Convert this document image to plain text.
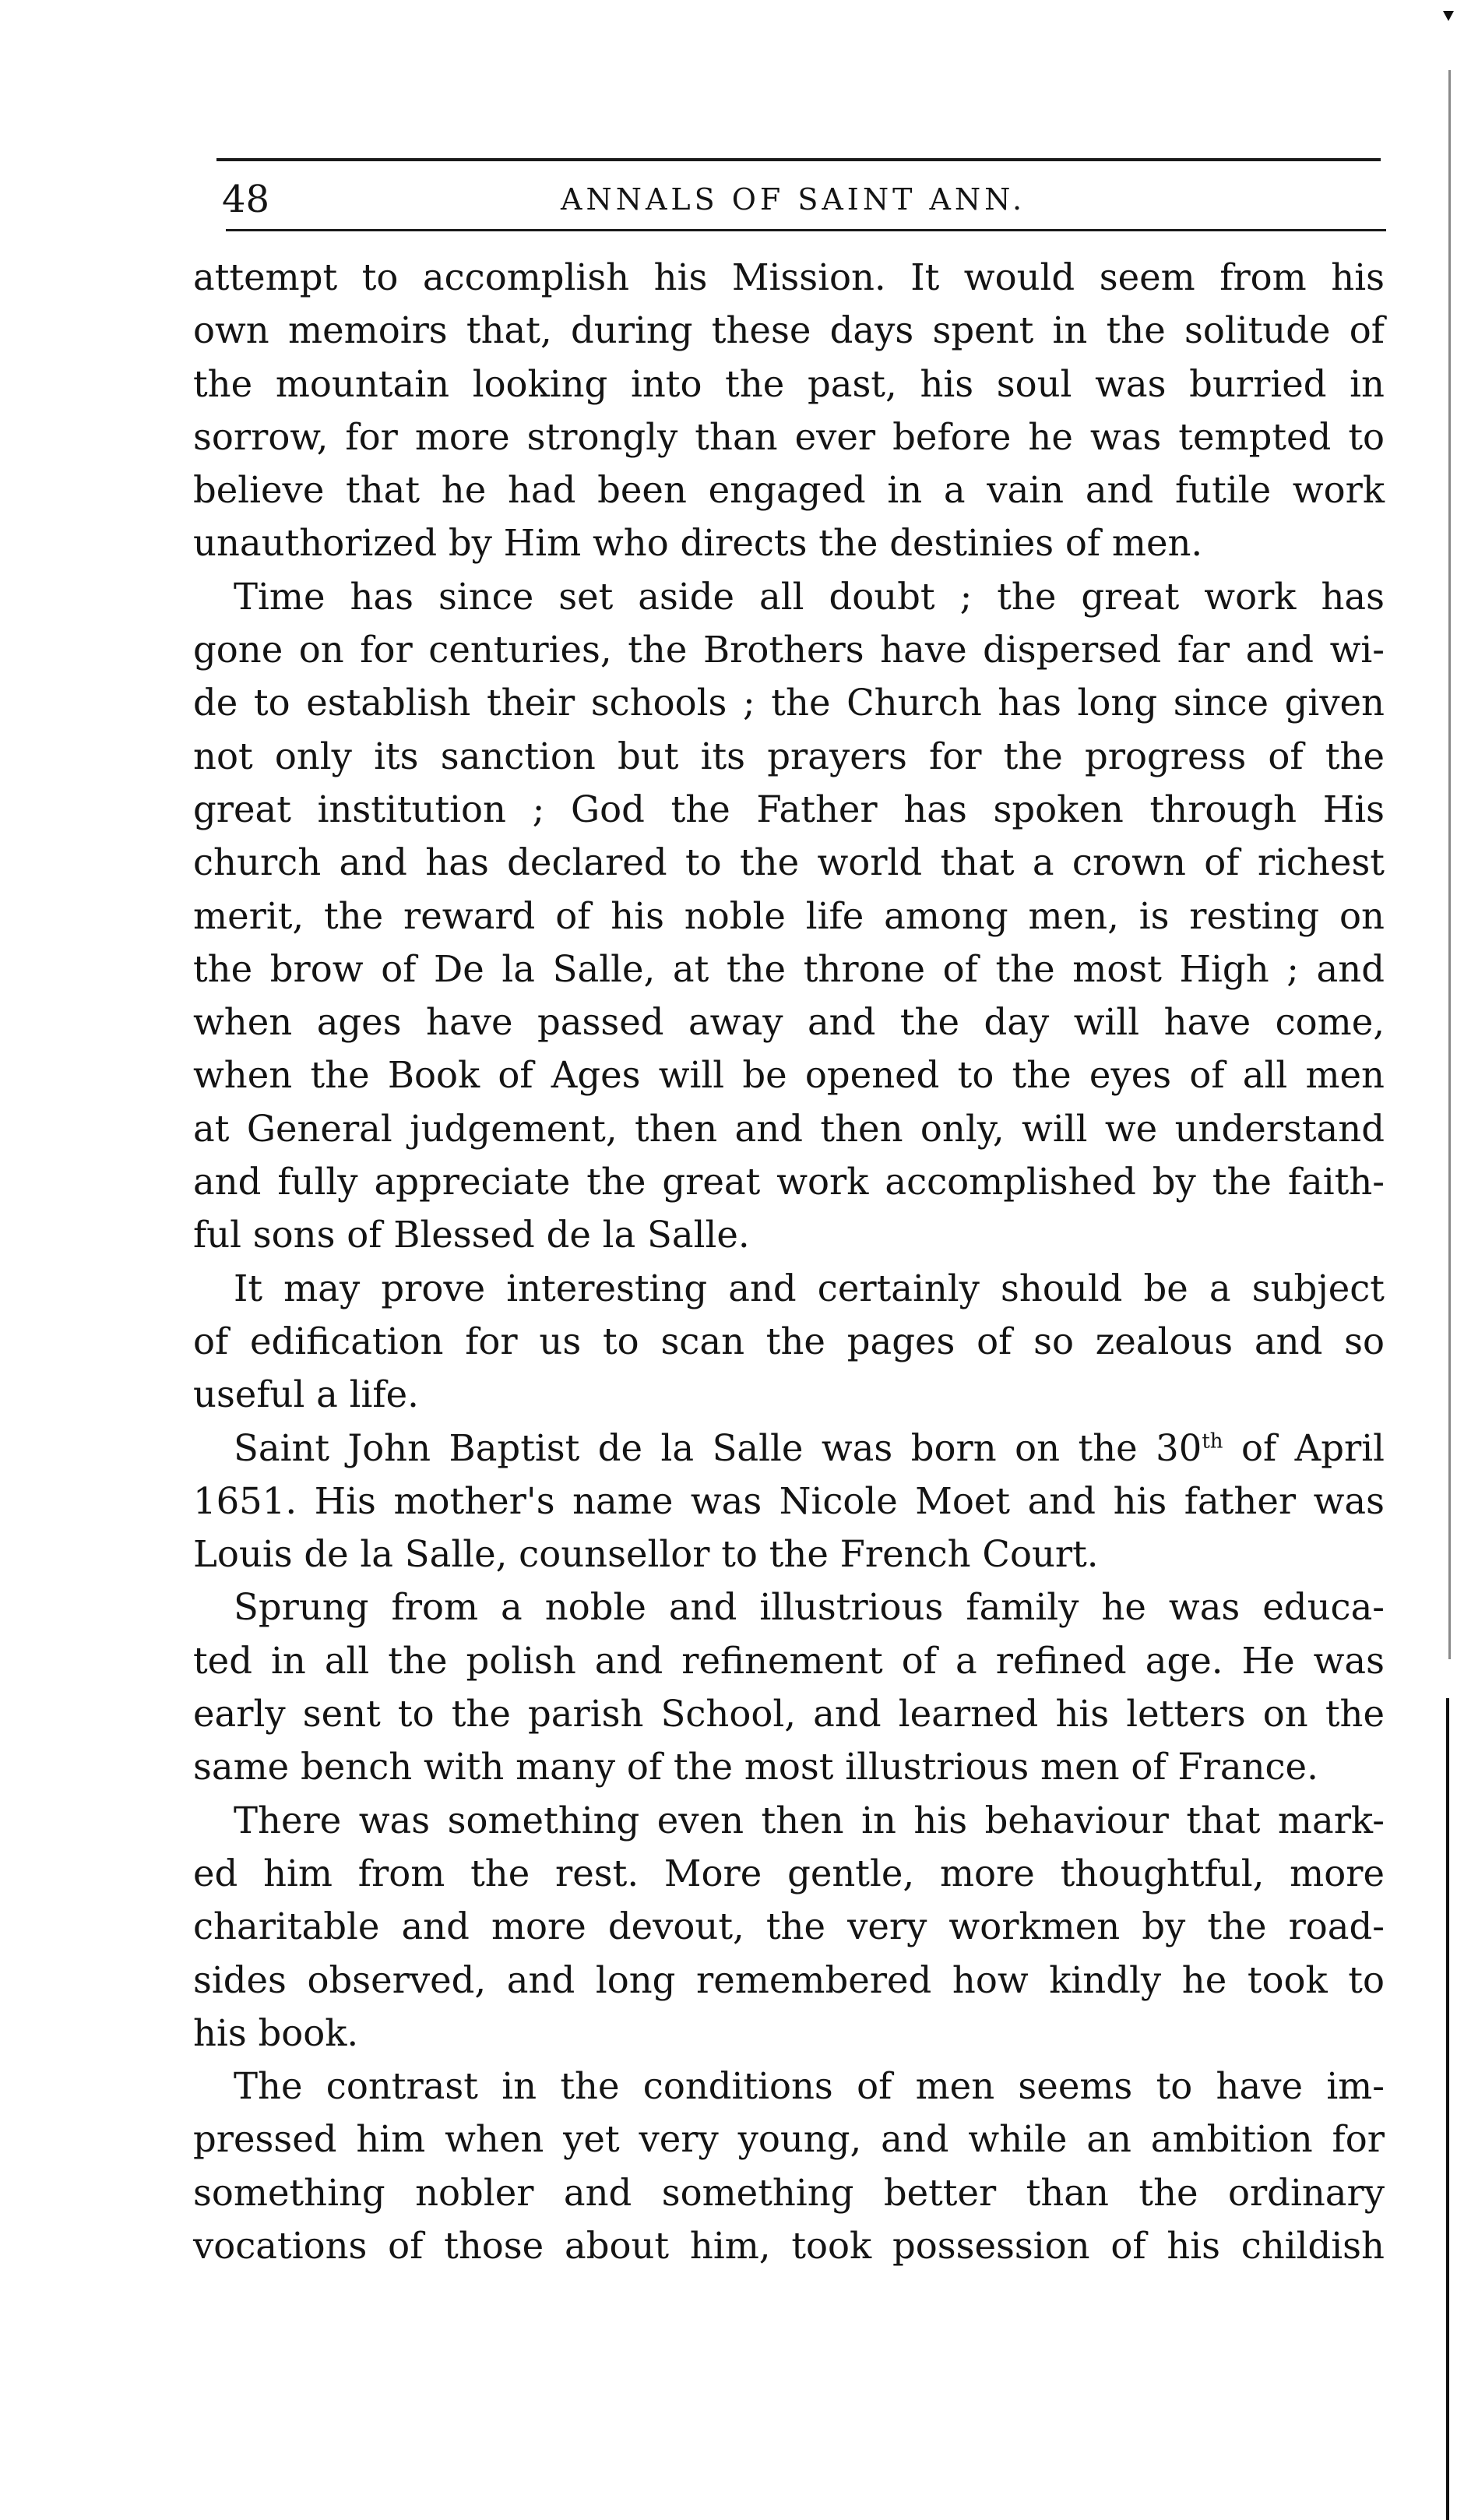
48	ANNALS OF SAINT ANN.
attempt to accomplish his Mission. It would seem from his
own memoirs that, during these days spent in the solitude of
the mountain looking into the past, his soul was burried in
sorrow, for more strongly than ever before he was tempted to
believe that he had been engaged in a vain and futile work
unauthorized by Him who directs the destinies of men.
Time has since set aside all doubt ; the great work has
gone on for centuries, the Brothers have dispersed far and wi-
de to establish their schools ; the Church has long since given
not only its sanction but its prayers for the progress of the
great institution ; God the Father has spoken through His
church and has declared to the world that a crown of richest
merit, the reward of his noble life among men, is resting on
the brow of De la Salle, at the throne of the most High ; and
when ages have passed away and the day will have come,
when the Book of Ages will be opened to the eyes of all men
at General judgement, then and then only, will we understand
and fully appreciate the great work accomplished by the faith-
ful sons of Blessed de la Salle.
It may prove interesting and certainly should be a subject
of edification for us to scan the pages of so zealous and so
useful a life.
Saint John Baptist de la Salle was born on the 30th of April
1651. His mother's name was Nicole Moet and his father was
Louis de la Salle, counsellor to the French Court.
Sprung from a noble and illustrious family he was educa-
ted in all the polish and refinement of a refined age. He was
early sent to the parish School, and learned his letters on the
same bench with many of the most illustrious men of France.
There was something even then in his behaviour that mark-
ed him from the rest. More gentle, more thoughtful, more
charitable and more devout, the very workmen by the road-
sides observed, and long remembered how kindly he took to
his book.
The contrast in the conditions of men seems to have im-
pressed him when yet very young, and while an ambition for
something nobler and something better than the ordinary
vocations of those about him, took possession of his childish
